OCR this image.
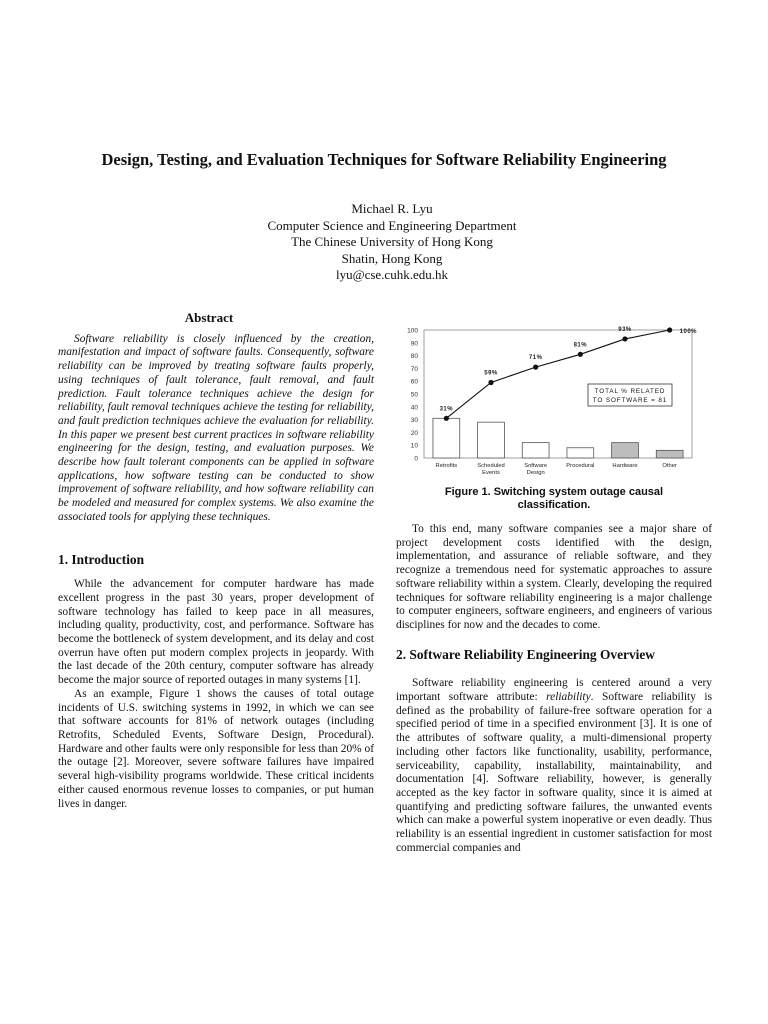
Design, Testing, and Evaluation Techniques for Software Reliability Engineering
Michael R. Lyu
Computer Science and Engineering Department
The Chinese University of Hong Kong
Shatin, Hong Kong
lyu@cse.cuhk.edu.hk
Abstract

Software reliability is closely influenced by the creation, manifestation and impact of software faults. Consequently, software reliability can be improved by treating software faults properly, using techniques of fault tolerance, fault removal, and fault prediction. Fault tolerance techniques achieve the design for reliability, fault removal techniques achieve the testing for reliability, and fault prediction techniques achieve the evaluation for reliability. In this paper we present best current practices in software reliability engineering for the design, testing, and evaluation purposes. We describe how fault tolerant components can be applied in software applications, how software testing can be conducted to show improvement of software reliability, and how software reliability can be modeled and measured for complex systems. We also examine the associated tools for applying these techniques.

1. Introduction

While the advancement for computer hardware has made excellent progress in the past 30 years, proper development of software technology has failed to keep pace in all measures, including quality, productivity, cost, and performance. Software has become the bottleneck of system development, and its delay and cost overrun have often put modern complex projects in jeopardy. With the last decade of the 20th century, computer software has already become the major source of reported outages in many systems [1].

As an example, Figure 1 shows the causes of total outage incidents of U.S. switching systems in 1992, in which we can see that software accounts for 81% of network outages (including Retrofits, Scheduled Events, Software Design, Procedural). Hardware and other faults were only responsible for less than 20% of the outage [2]. Moreover, severe software failures have impaired several high-visibility programs worldwide. These critical incidents either caused enormous revenue losses to companies, or put human lives in danger.

0
10
20
30
40
50
60
70
80
90
100
Retrofits	Scheduled
Events
Software
Design
Procedural	Hardware	Other
31%
59%
71%
81%
93%	100%
TOTAL % RELATED
TO SOFTWARE = 81
Figure 1. Switching system outage causal
classification.

To this end, many software companies see a major share of project development costs identified with the design, implementation, and assurance of reliable software, and they recognize a tremendous need for systematic approaches to assure software reliability within a system. Clearly, developing the required techniques for software reliability engineering is a major challenge to computer engineers, software engineers, and engineers of various disciplines for now and the decades to come.

2. Software Reliability Engineering Overview

Software reliability engineering is centered around a very important software attribute: reliability. Software reliability is defined as the probability of failure-free software operation for a specified period of time in a specified environment [3]. It is one of the attributes of software quality, a multi-dimensional property including other factors like functionality, usability, performance, serviceability, capability, installability, maintainability, and documentation [4]. Software reliability, however, is generally accepted as the key factor in software quality, since it is aimed at quantifying and predicting software failures, the unwanted events which can make a powerful system inoperative or even deadly. Thus reliability is an essential ingredient in customer satisfaction for most commercial companies and
